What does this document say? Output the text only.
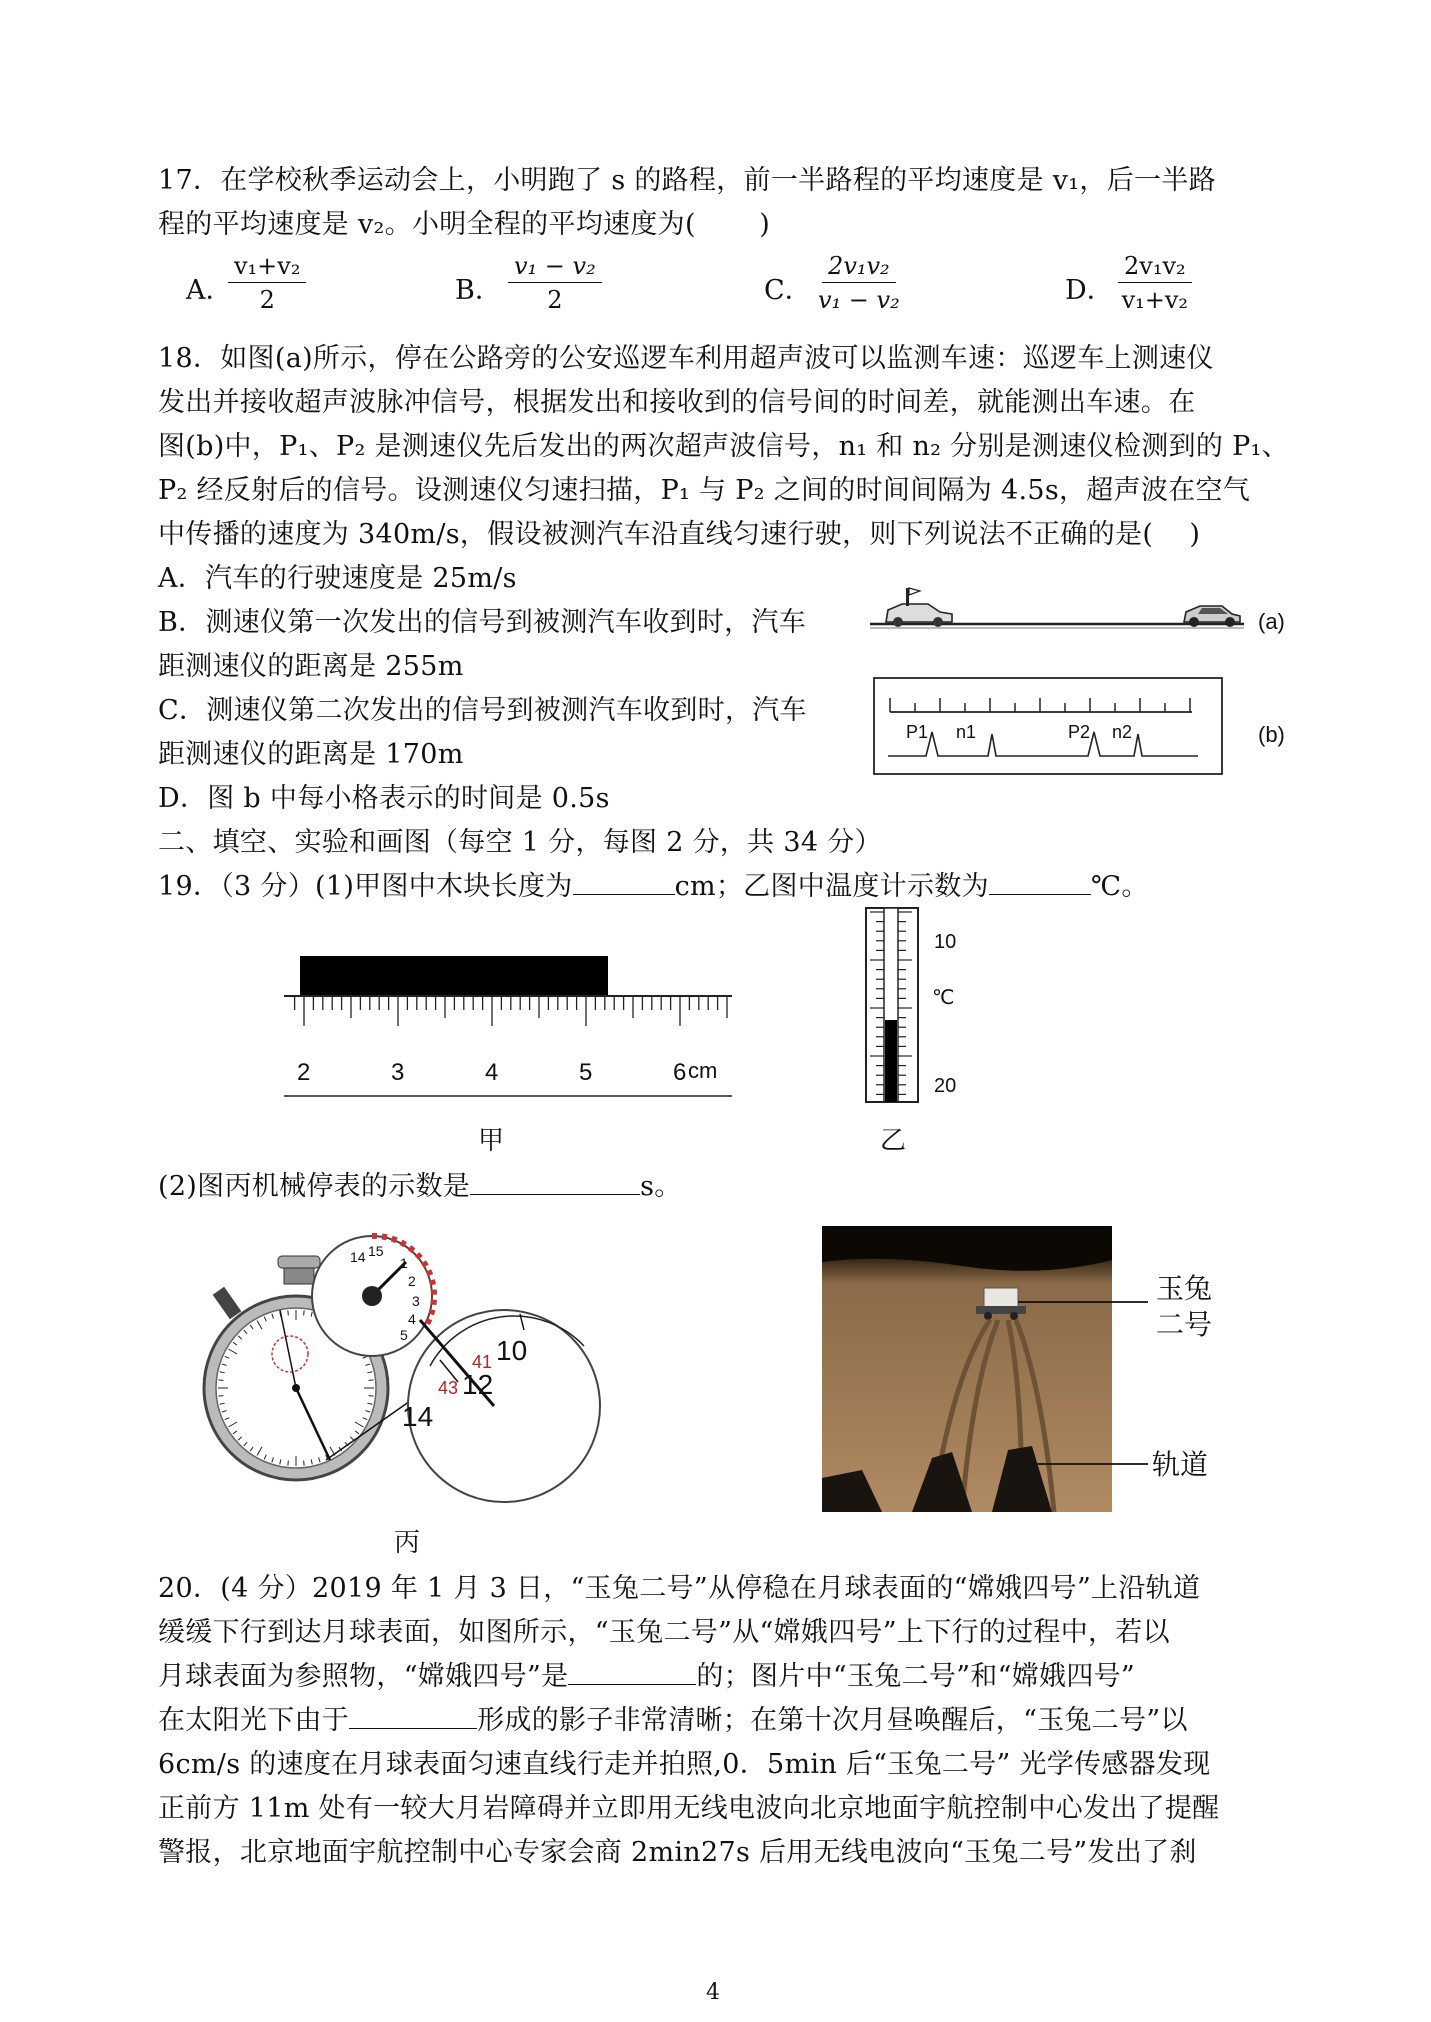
17．在学校秋季运动会上，小明跑了 s 的路程，前一半路程的平均速度是 v₁，后一半路
程的平均速度是 v₂。小明全程的平均速度为(　　 )
A．
$\frac{\text{v₁+v₂}}{2}$	B． $\frac{\text{v₁ − v₂}}{2}$	C． $\frac{\text{2v₁v₂}}{\text{v₁ − v₂}}$	D． $\frac{\text{2v₁v₂}}{\text{v₁+v₂}}$
18．如图(a)所示，停在公路旁的公安巡逻车利用超声波可以监测车速：巡逻车上测速仪
发出并接收超声波脉冲信号，根据发出和接收到的信号间的时间差，就能测出车速。在
图(b)中，P₁、P₂ 是测速仪先后发出的两次超声波信号，n₁ 和 n₂ 分别是测速仪检测到的 P₁、
P₂ 经反射后的信号。设测速仪匀速扫描，P₁ 与 P₂ 之间的时间间隔为 4.5s，超声波在空气
中传播的速度为 340m/s，假设被测汽车沿直线匀速行驶，则下列说法不正确的是(　 )
A．汽车的行驶速度是 25m/s
B．测速仪第一次发出的信号到被测汽车收到时，汽车
距测速仪的距离是 255m
C．测速仪第二次发出的信号到被测汽车收到时，汽车
距测速仪的距离是 170m
D．图 b 中每小格表示的时间是 0.5s
(a)
P1 n1	P2 n2	(b)
二、填空、实验和画图（每空 1 分，每图 2 分，共 34 分）
19．（3 分）(1)甲图中木块长度为	cm；乙图中温度计示数为	℃。
2	3	4	5	6 cm
甲
10
℃
20
乙
(2)图丙机械停表的示数是	s。
14 15
1
2
3
4
5	10
41
43 12
14
丙
玉兔
二号
轨道
20．(4 分）2019 年 1 月 3 日，“玉兔二号”从停稳在月球表面的“嫦娥四号”上沿轨道
缓缓下行到达月球表面，如图所示，“玉兔二号”从“嫦娥四号”上下行的过程中，若以
月球表面为参照物，“嫦娥四号”是	的；图片中“玉兔二号”和“嫦娥四号”
在太阳光下由于	形成的影子非常清晰；在第十次月昼唤醒后，“玉兔二号”以
6cm/s 的速度在月球表面匀速直线行走并拍照,0．5min 后“玉兔二号” 光学传感器发现
正前方 11m 处有一较大月岩障碍并立即用无线电波向北京地面宇航控制中心发出了提醒
警报，北京地面宇航控制中心专家会商 2min27s 后用无线电波向“玉兔二号”发出了刹
4
